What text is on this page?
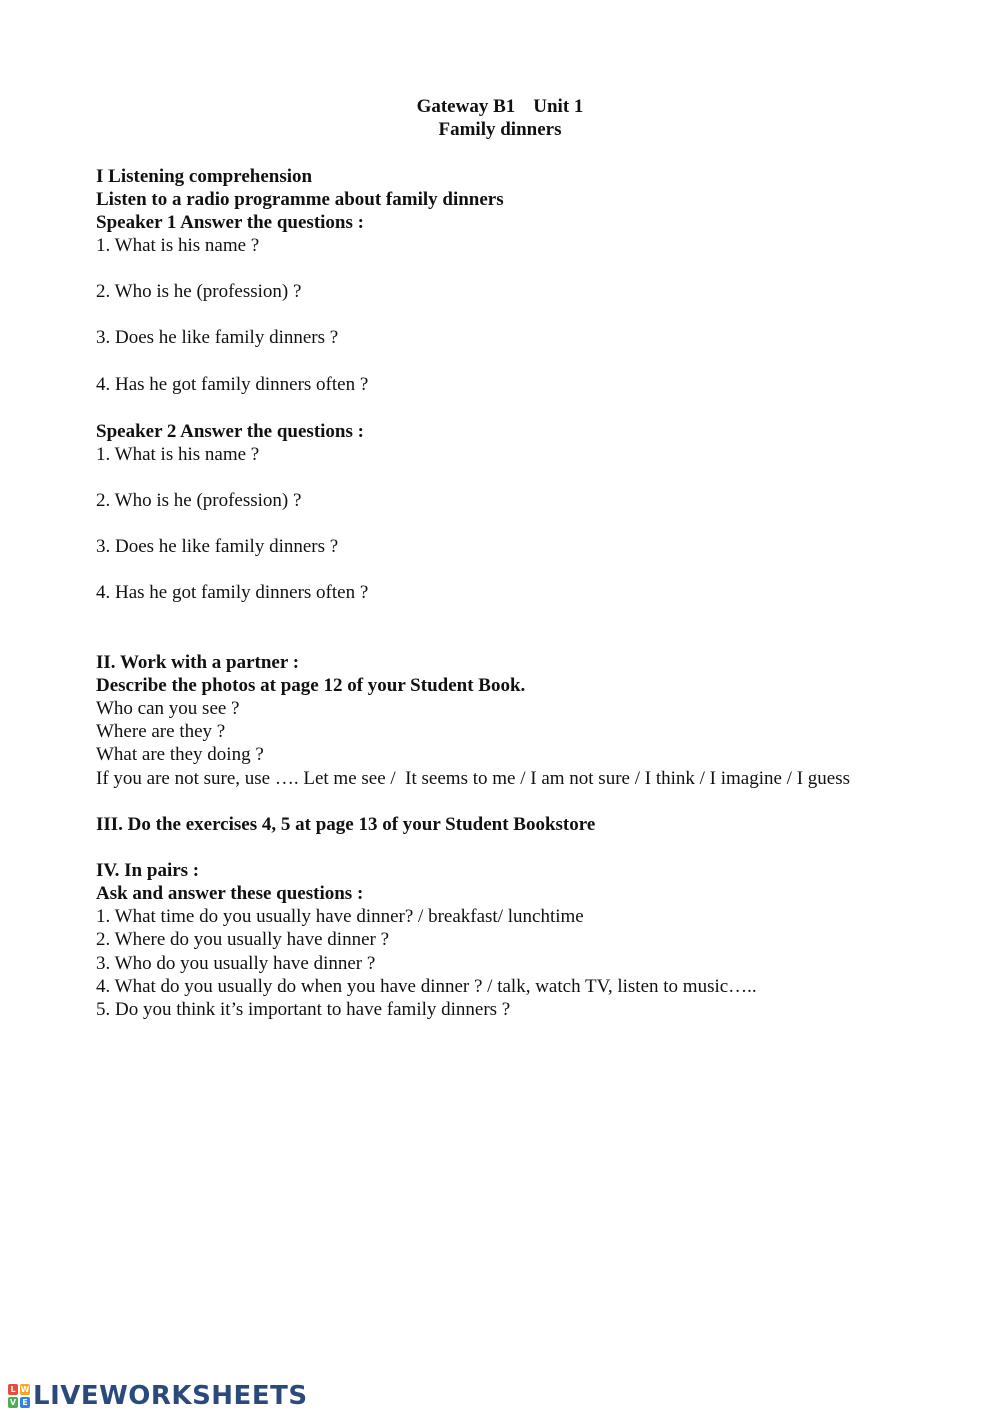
Gateway B1 Unit 1
Family dinners
I Listening comprehension
Listen to a radio programme about family dinners
Speaker 1 Answer the questions :
1. What is his name ?
2. Who is he (profession) ?
3. Does he like family dinners ?
4. Has he got family dinners often ?
Speaker 2 Answer the questions :
1. What is his name ?
2. Who is he (profession) ?
3. Does he like family dinners ?
4. Has he got family dinners often ?
II. Work with a partner :
Describe the photos at page 12 of your Student Book.
Who can you see ?
Where are they ?
What are they doing ?
If you are not sure, use …. Let me see /  It seems to me / I am not sure / I think / I imagine / I guess
III. Do the exercises 4, 5 at page 13 of your Student Bookstore
IV. In pairs :
Ask and answer these questions :
1. What time do you usually have dinner? / breakfast/ lunchtime
2. Where do you usually have dinner ?
3. Who do you usually have dinner ?
4. What do you usually do when you have dinner ? / talk, watch TV, listen to music…..
5. Do you think it’s important to have family dinners ?
L W
V E LIVEWORKSHEETS
